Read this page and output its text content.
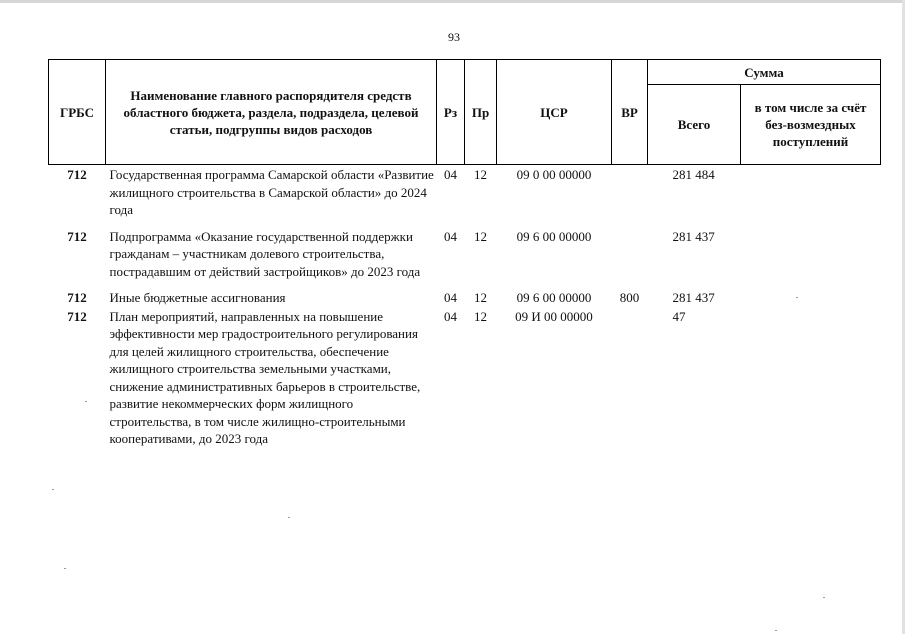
93
ГРБС	Наименование главного распорядителя средств областного бюджета, раздела, подраздела, целевой статьи, подгруппы видов расходов	Рз	Пр	ЦСР	ВР	Сумма	
						Всего	в том числе за счёт без-возмездных поступлений
712	Государственная программа Самарской области «Развитие жилищного строительства в Самарской области» до 2024 года	04	12	09 0 00 00000		281 484	
712	Подпрограмма «Оказание государственной поддержки гражданам – участникам долевого строительства, пострадавшим от действий застройщиков» до 2023 года	04	12	09 6 00 00000		281 437	
712	Иные бюджетные ассигнования	04	12	09 6 00 00000	800	281 437	
712	План мероприятий, направленных на повышение эффективности мер градостроительного регулирования для целей жилищного строительства, обеспечение жилищного строительства земельными участками, снижение административных барьеров в строительстве, развитие некоммерческих форм жилищного строительства, в том числе жилищно-строительными кооперативами, до 2023 года	04	12	09 И 00 00000		47	
